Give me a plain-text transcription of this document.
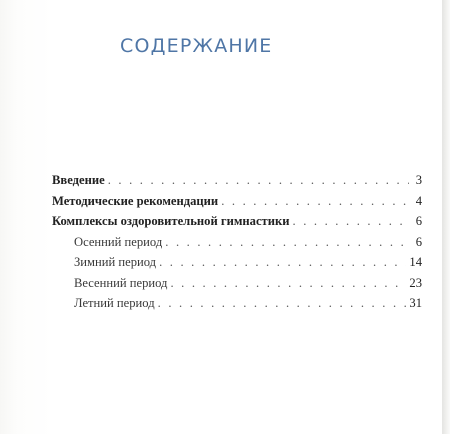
СОДЕРЖАНИЕ
Введение . . .	3
Методические рекомендации . . .	4
Комплексы оздоровительной гимнастики . . .	6
Осенний период . . .	6
Зимний период . . .	14
Весенний период . . .	23
Летний период . . .	31
